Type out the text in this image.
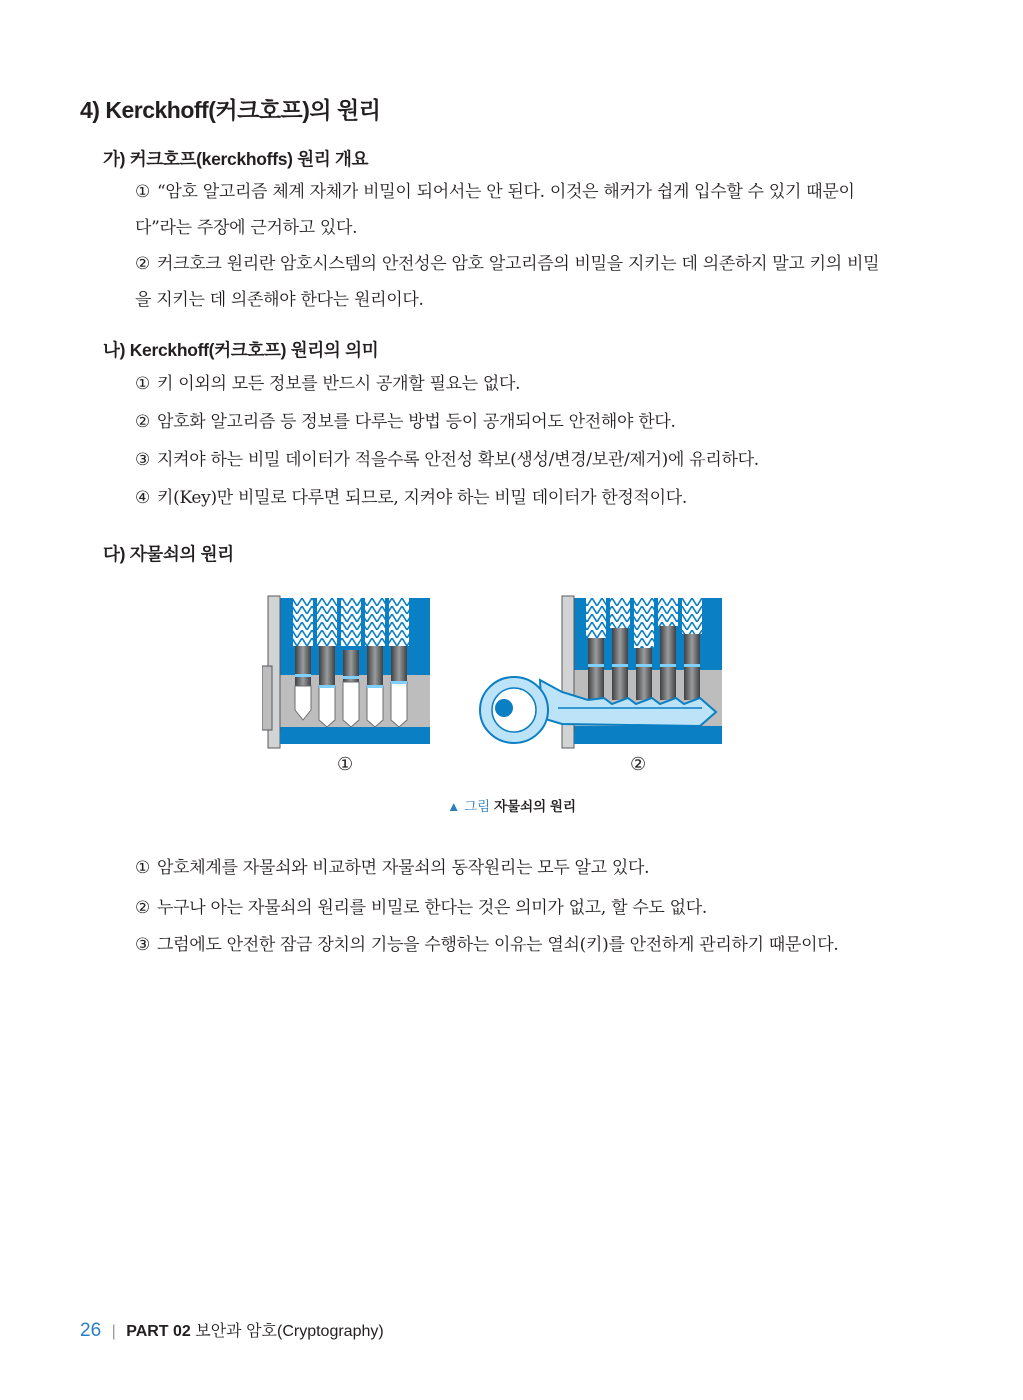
4) Kerckhoff(커크호프)의 원리
가) 커크호프(kerckhoffs) 원리 개요
① “암호 알고리즘 체계 자체가 비밀이 되어서는 안 된다. 이것은 해커가 쉽게 입수할 수 있기 때문이다”라는 주장에 근거하고 있다.
② 커크호크 원리란 암호시스템의 안전성은 암호 알고리즘의 비밀을 지키는 데 의존하지 말고 키의 비밀을 지키는 데 의존해야 한다는 원리이다.
나) Kerckhoff(커크호프) 원리의 의미
① 키 이외의 모든 정보를 반드시 공개할 필요는 없다.
② 암호화 알고리즘 등 정보를 다루는 방법 등이 공개되어도 안전해야 한다.
③ 지켜야 하는 비밀 데이터가 적을수록 안전성 확보(생성/변경/보관/제거)에 유리하다.
④ 키(Key)만 비밀로 다루면 되므로, 지켜야 하는 비밀 데이터가 한정적이다.
다) 자물쇠의 원리
①	②
▲ 그림 자물쇠의 원리
① 암호체계를 자물쇠와 비교하면 자물쇠의 동작원리는 모두 알고 있다.
② 누구나 아는 자물쇠의 원리를 비밀로 한다는 것은 의미가 없고, 할 수도 없다.
③ 그럼에도 안전한 잠금 장치의 기능을 수행하는 이유는 열쇠(키)를 안전하게 관리하기 때문이다.
26 | PART 02 보안과 암호(Cryptography)
